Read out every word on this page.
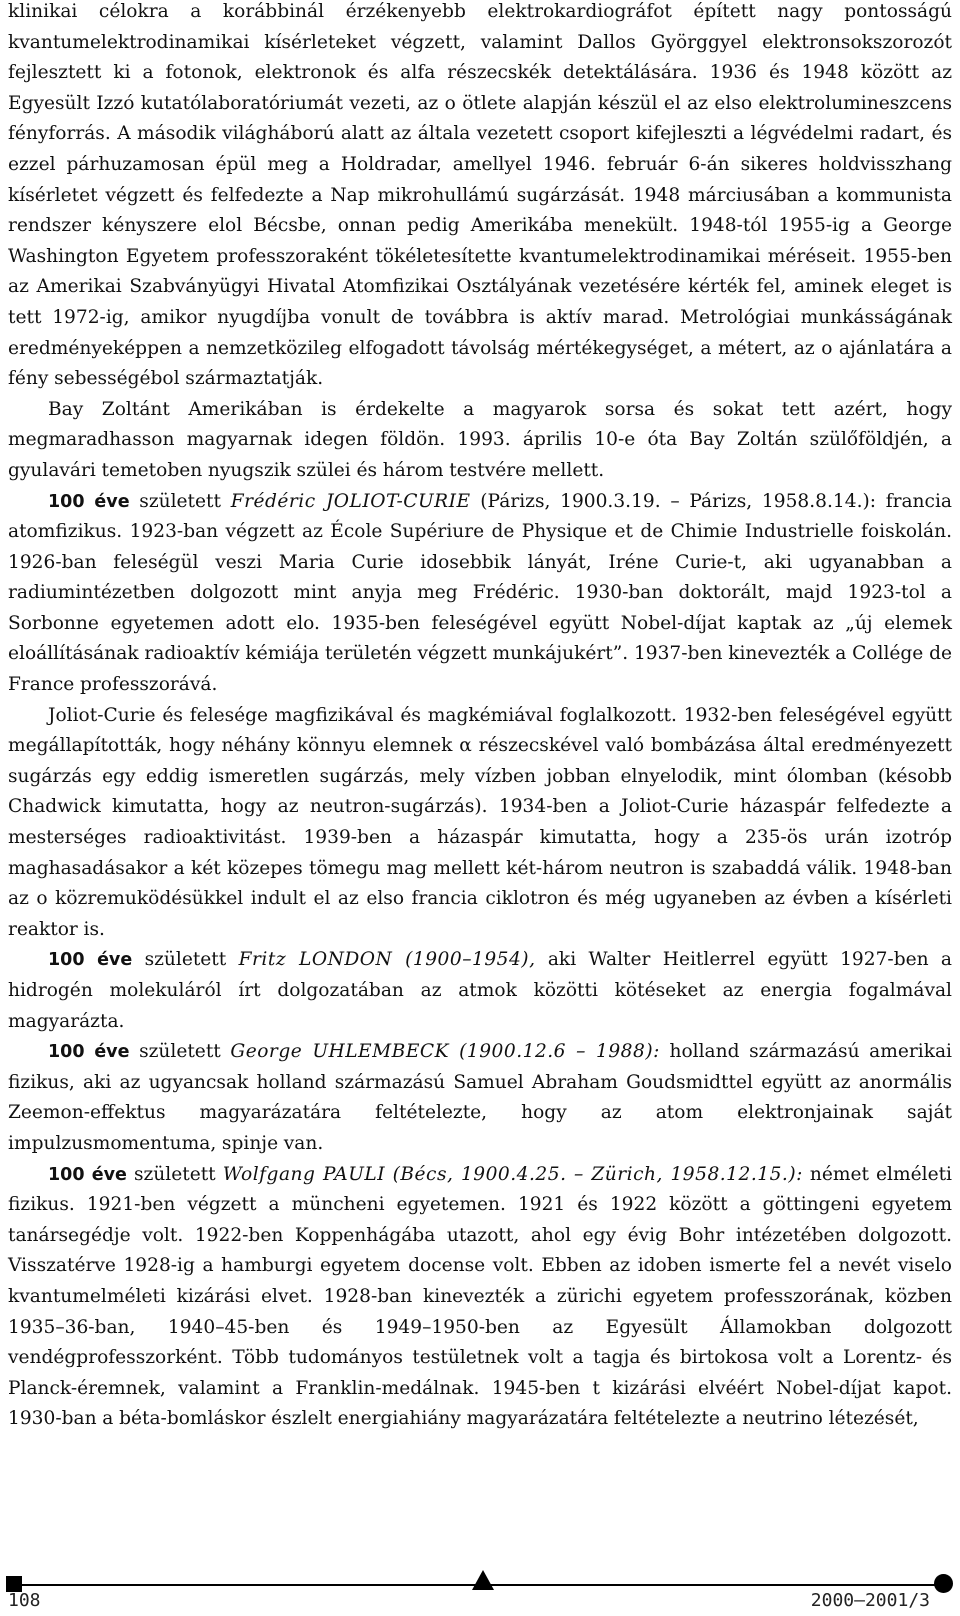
klinikai célokra a korábbinál érzékenyebb elektrokardiográfot épített nagy pontosságú kvantumelektrodinamikai kísérleteket végzett, valamint Dallos Györggyel elektronsokszorozót fejlesztett ki a fotonok, elektronok és alfa részecskék detektálására. 1936 és 1948 között az Egyesült Izzó kutatólaboratóriumát vezeti, az o ötlete alapján készül el az elso elektrolumineszcens fényforrás. A második világháború alatt az általa vezetett csoport kifejleszti a légvédelmi radart, és ezzel párhuzamosan épül meg a Holdradar, amellyel 1946. február 6-án sikeres holdvisszhang kísérletet végzett és felfedezte a Nap mikrohullámú sugárzását. 1948 márciusában a kommunista rendszer kényszere elol Bécsbe, onnan pedig Amerikába menekült. 1948-tól 1955-ig a George Washington Egyetem professzoraként tökéletesítette kvantumelektrodinamikai méréseit. 1955-ben az Amerikai Szabványügyi Hivatal Atomfizikai Osztályának vezetésére kérték fel, aminek eleget is tett 1972-ig, amikor nyugdíjba vonult de továbbra is aktív marad. Metrológiai munkásságának eredményeképpen a nemzetközileg elfogadott távolság mértékegységet, a métert, az o ajánlatára a fény sebességébol származtatják.

Bay Zoltánt Amerikában is érdekelte a magyarok sorsa és sokat tett azért, hogy megmaradhasson magyarnak idegen földön. 1993. április 10-e óta Bay Zoltán szülőföldjén, a gyulavári temetoben nyugszik szülei és három testvére mellett.

100 éve született Frédéric JOLIOT-CURIE (Párizs, 1900.3.19. – Párizs, 1958.8.14.): francia atomfizikus. 1923-ban végzett az École Supériure de Physique et de Chimie Industrielle foiskolán. 1926-ban feleségül veszi Maria Curie idosebbik lányát, Iréne Curie-t, aki ugyanabban a radiumintézetben dolgozott mint anyja meg Frédéric. 1930-ban doktorált, majd 1923-tol a Sorbonne egyetemen adott elo. 1935-ben feleségével együtt Nobel-díjat kaptak az „új elemek eloállításának radioaktív kémiája területén végzett munkájukért”. 1937-ben kinevezték a Collége de France professzorává.

Joliot-Curie és felesége magfizikával és magkémiával foglalkozott. 1932-ben feleségével együtt megállapították, hogy néhány könnyu elemnek α részecskével való bombázása által eredményezett sugárzás egy eddig ismeretlen sugárzás, mely vízben jobban elnyelodik, mint ólomban (késobb Chadwick kimutatta, hogy az neutron-sugárzás). 1934-ben a Joliot-Curie házaspár felfedezte a mesterséges radioaktivitást. 1939-ben a házaspár kimutatta, hogy a 235-ös urán izotróp maghasadásakor a két közepes tömegu mag mellett két-három neutron is szabaddá válik. 1948-ban az o közremuködésükkel indult el az elso francia ciklotron és még ugyaneben az évben a kísérleti reaktor is.

100 éve született Fritz LONDON (1900–1954), aki Walter Heitlerrel együtt 1927-ben a hidrogén molekuláról írt dolgozatában az atmok közötti kötéseket az energia fogalmával magyarázta.

100 éve született George UHLEMBECK (1900.12.6 – 1988): holland származású amerikai fizikus, aki az ugyancsak holland származású Samuel Abraham Goudsmidttel együtt az anormális Zeemon-effektus magyarázatára feltételezte, hogy az atom elektronjainak saját impulzusmomentuma, spinje van.

100 éve született Wolfgang PAULI (Bécs, 1900.4.25. – Zürich, 1958.12.15.): német elméleti fizikus. 1921-ben végzett a müncheni egyetemen. 1921 és 1922 között a göttingeni egyetem tanársegédje volt. 1922-ben Koppenhágába utazott, ahol egy évig Bohr intézetében dolgozott. Visszatérve 1928-ig a hamburgi egyetem docense volt. Ebben az idoben ismerte fel a nevét viselo kvantumelméleti kizárási elvet. 1928-ban kinevezték a zürichi egyetem professzorának, közben 1935–36-ban, 1940–45-ben és 1949–1950-ben az Egyesült Államokban dolgozott vendégprofesszorként. Több tudományos testületnek volt a tagja és birtokosa volt a Lorentz- és Planck-éremnek, valamint a Franklin-medálnak. 1945-ben t kizárási elvéért Nobel-díjat kapot. 1930-ban a béta-bomláskor észlelt energiahiány magyarázatára feltételezte a neutrino létezését,

108	2000–2001/3
